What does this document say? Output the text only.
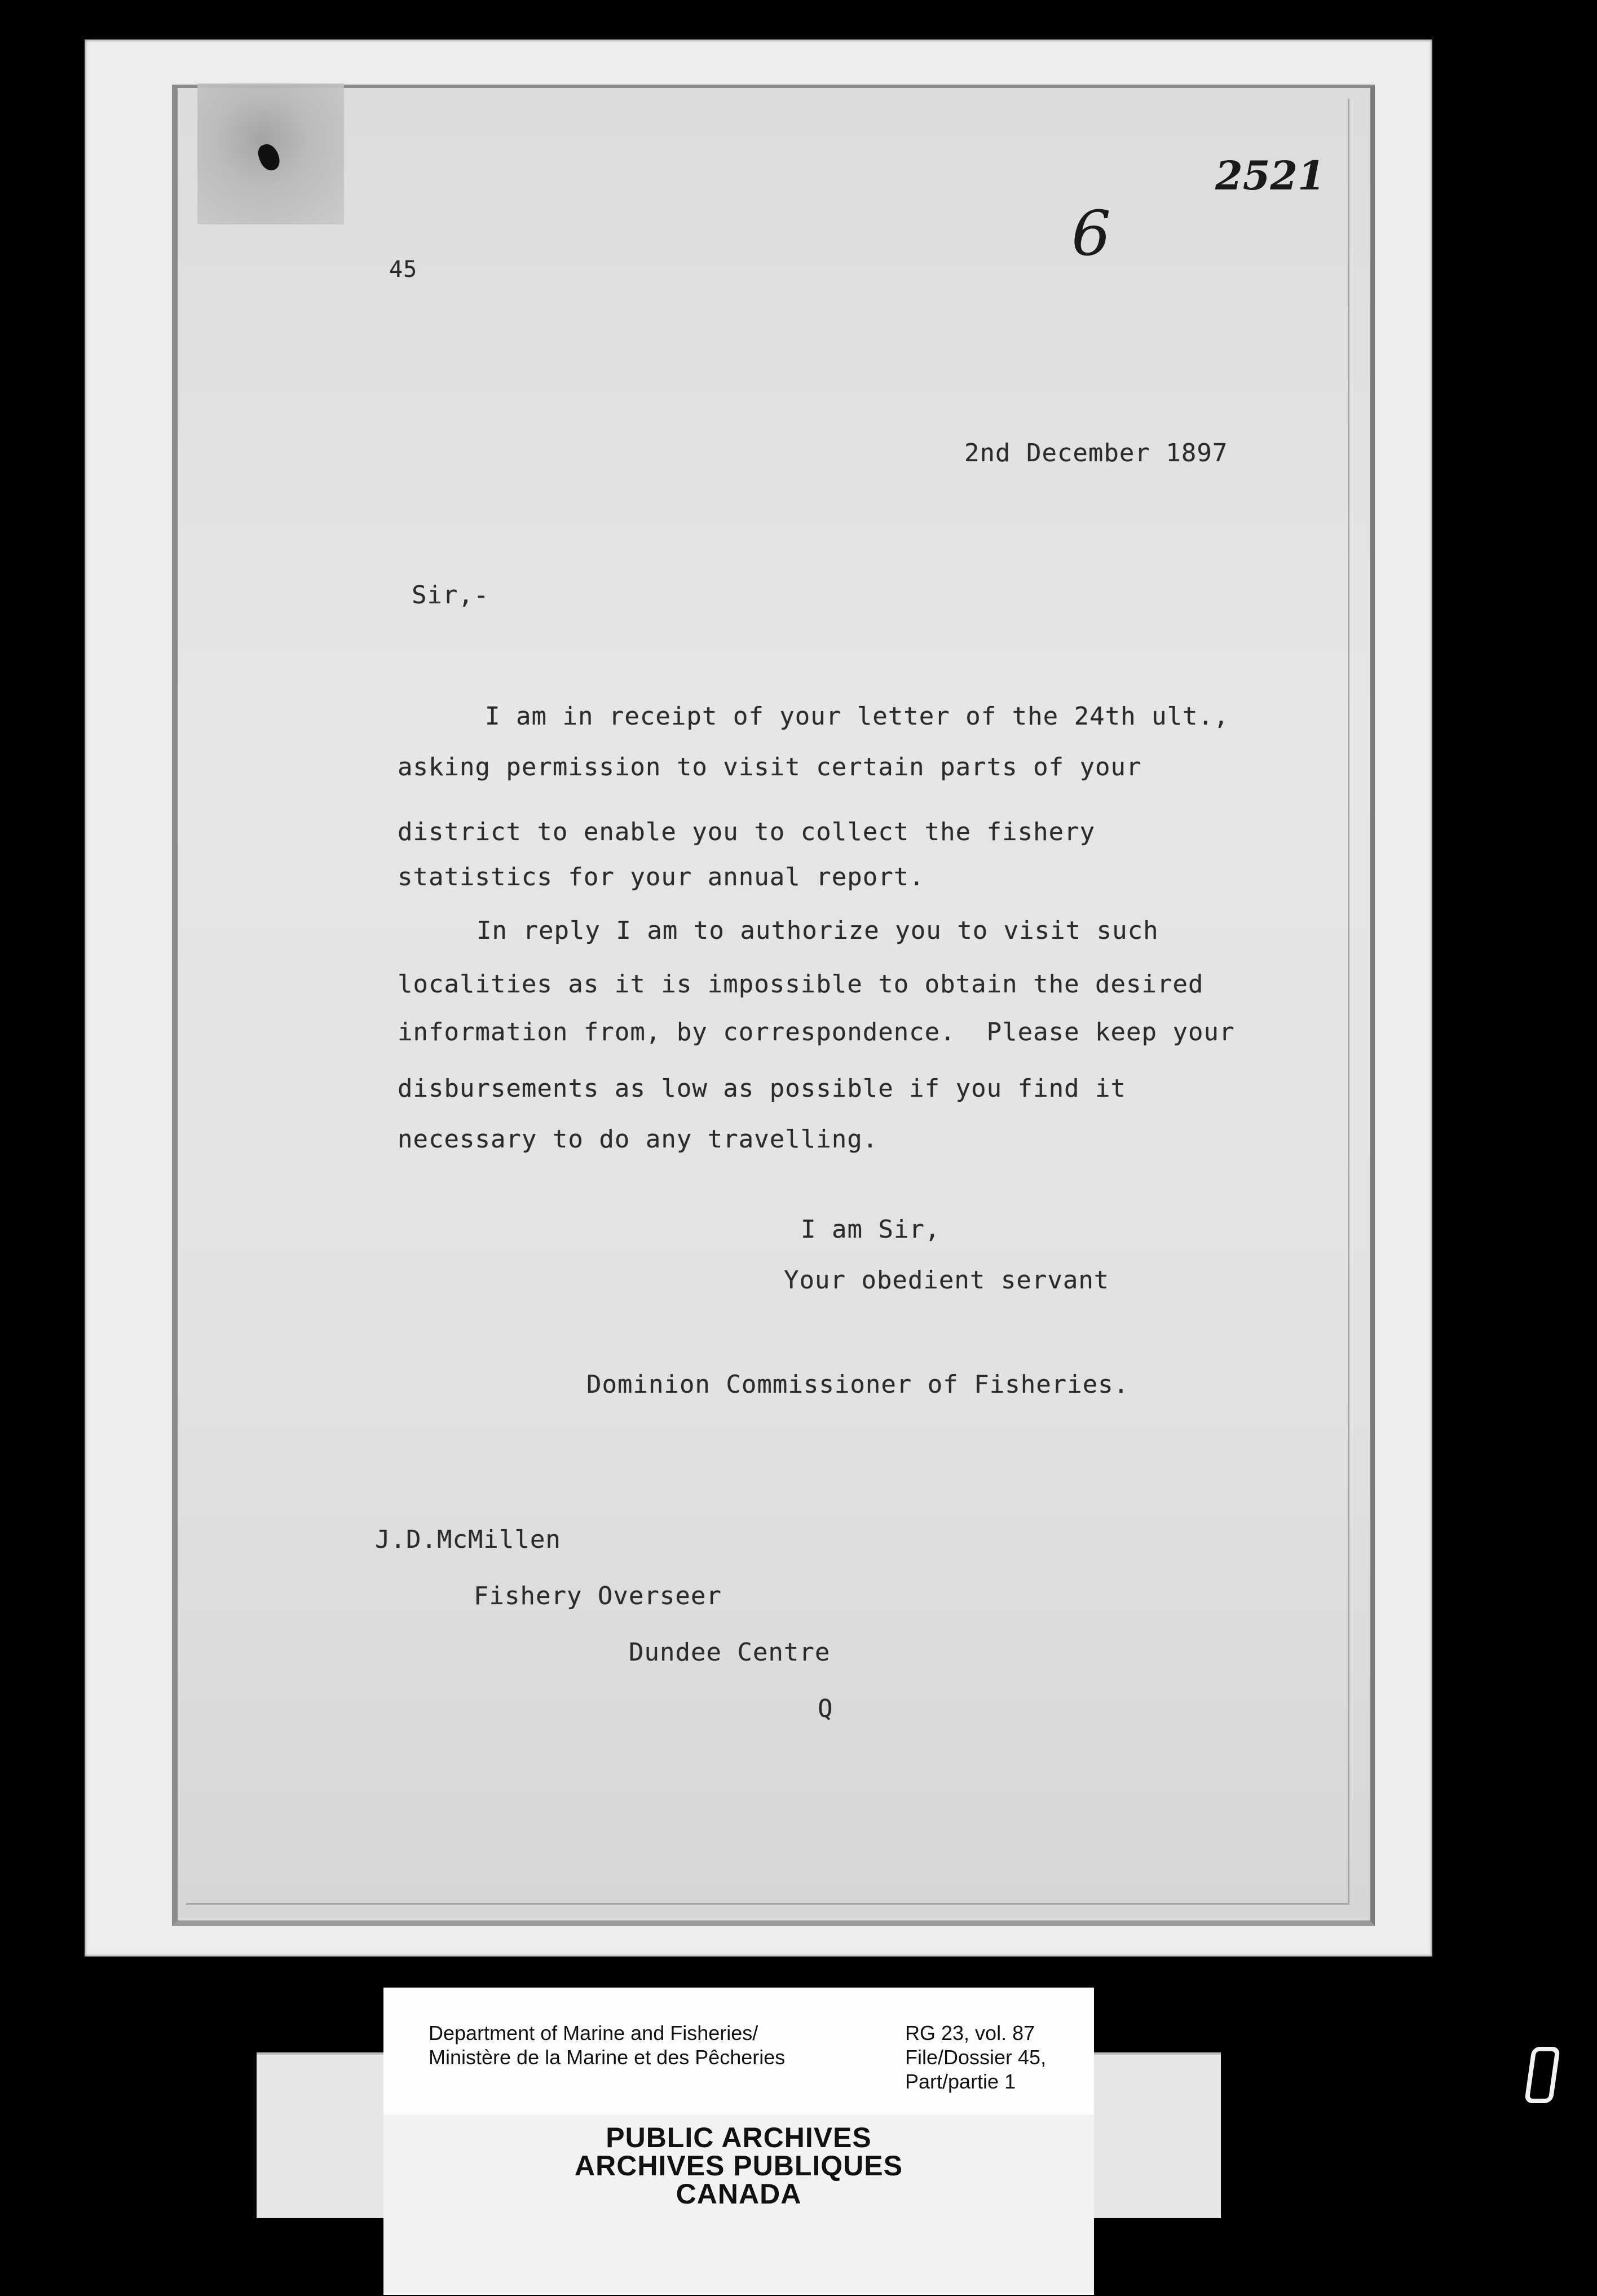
45
2521
6
2nd December 1897
Sir,-
I am in receipt of your letter of the 24th ult.,
asking permission to visit certain parts of your
district to enable you to collect the fishery
statistics for your annual report.
In reply I am to authorize you to visit such
localities as it is impossible to obtain the desired
information from, by correspondence.  Please keep your
disbursements as low as possible if you find it
necessary to do any travelling.
I am Sir,
Your obedient servant
Dominion Commissioner of Fisheries.
J.D.McMillen
Fishery Overseer
Dundee Centre
Q
Department of Marine and Fisheries/
Ministère de la Marine et des Pêcheries
RG 23, vol. 87
File/Dossier 45,
Part/partie 1
PUBLIC ARCHIVES
ARCHIVES PUBLIQUES
CANADA
